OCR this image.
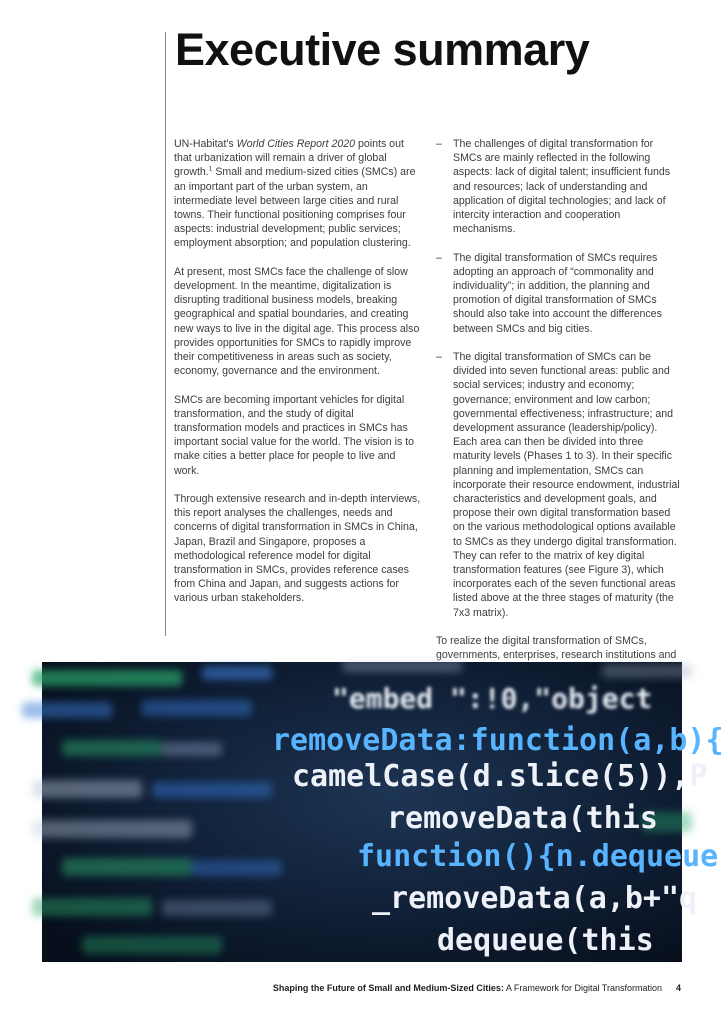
Executive summary

UN-Habitat's World Cities Report 2020 points out that urbanization will remain a driver of global growth.$^1$ Small and medium-sized cities (SMCs) are an important part of the urban system, an intermediate level between large cities and rural towns. Their functional positioning comprises four aspects: industrial development; public services; employment absorption; and population clustering.

At present, most SMCs face the challenge of slow development. In the meantime, digitalization is disrupting traditional business models, breaking geographical and spatial boundaries, and creating new ways to live in the digital age. This process also provides opportunities for SMCs to rapidly improve their competitiveness in areas such as society, economy, governance and the environment.

SMCs are becoming important vehicles for digital transformation, and the study of digital transformation models and practices in SMCs has important social value for the world. The vision is to make cities a better place for people to live and work.

Through extensive research and in-depth interviews, this report analyses the challenges, needs and concerns of digital transformation in SMCs in China, Japan, Brazil and Singapore, proposes a methodological reference model for digital transformation in SMCs, provides reference cases from China and Japan, and suggests actions for various urban stakeholders.

– The challenges of digital transformation for SMCs are mainly reflected in the following aspects: lack of digital talent; insufficient funds and resources; lack of understanding and application of digital technologies; and lack of intercity interaction and cooperation mechanisms.
– The digital transformation of SMCs requires adopting an approach of “commonality and individuality”; in addition, the planning and promotion of digital transformation of SMCs should also take into account the differences between SMCs and big cities.
– The digital transformation of SMCs can be divided into seven functional areas: public and social services; industry and economy; governance; environment and low carbon; governmental effectiveness; infrastructure; and development assurance (leadership/policy). Each area can then be divided into three maturity levels (Phases 1 to 3). In their specific planning and implementation, SMCs can incorporate their resource endowment, industrial characteristics and development goals, and propose their own digital transformation based on the various methodological options available to SMCs as they undergo digital transformation. They can refer to the matrix of key digital transformation features (see Figure 3), which incorporates each of the seven functional areas listed above at the three stages of maturity (the 7x3 matrix).

To realize the digital transformation of SMCs, governments, enterprises, research institutions and

"embed ":!0,"object
removeData:function(a,b){
camelCase(d.slice(5)),P
removeData(this
function(){n.dequeue
_removeData(a,b+"q
dequeue(this
Shaping the Future of Small and Medium-Sized Cities: A Framework for Digital Transformation 4
